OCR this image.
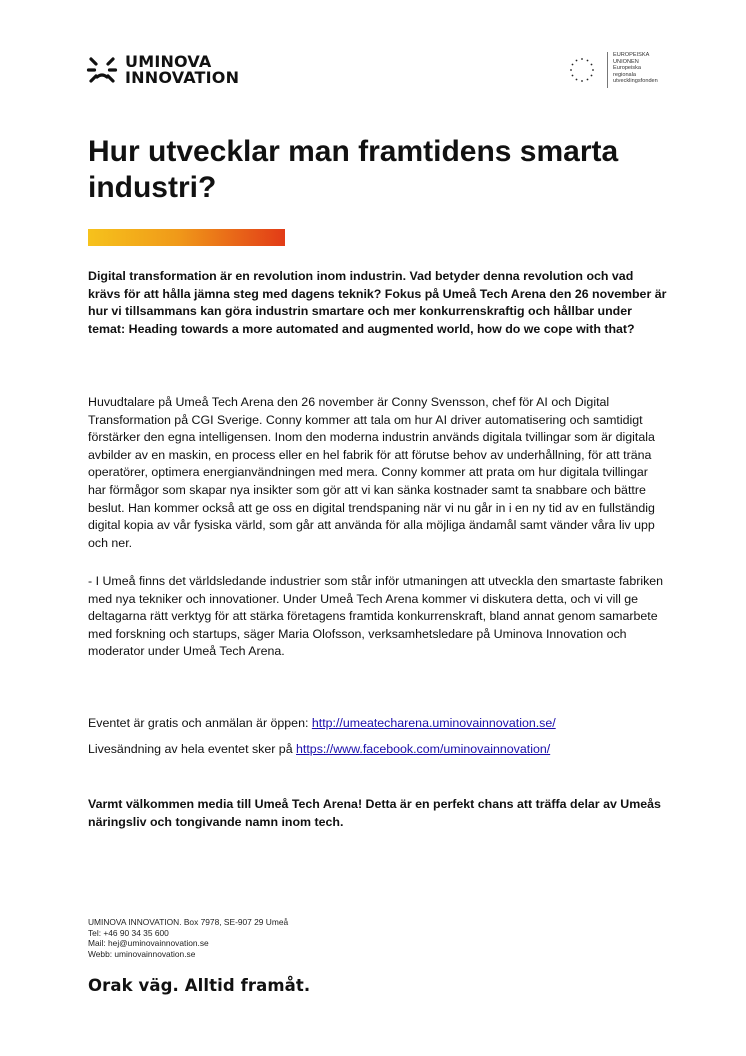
UMINOVA
INNOVATION
EUROPEISKA
UNIONEN
Europeiska
regionala
utvecklingsfonden
Hur utvecklar man framtidens smarta industri?

Digital transformation är en revolution inom industrin. Vad betyder denna revolution och vad krävs för att hålla jämna steg med dagens teknik? Fokus på Umeå Tech Arena den 26 november är hur vi tillsammans kan göra industrin smartare och mer konkurrenskraftig och hållbar under temat: Heading towards a more automated and augmented world, how do we cope with that?

Huvudtalare på Umeå Tech Arena den 26 november är Conny Svensson, chef för AI och Digital Transformation på CGI Sverige. Conny kommer att tala om hur AI driver automatisering och samtidigt förstärker den egna intelligensen. Inom den moderna industrin används digitala tvillingar som är digitala avbilder av en maskin, en process eller en hel fabrik för att förutse behov av underhållning, för att träna operatörer, optimera energianvändningen med mera. Conny kommer att prata om hur digitala tvillingar har förmågor som skapar nya insikter som gör att vi kan sänka kostnader samt ta snabbare och bättre beslut. Han kommer också att ge oss en digital trendspaning när vi nu går in i en ny tid av en fullständig digital kopia av vår fysiska värld, som går att använda för alla möjliga ändamål samt vänder våra liv upp och ner.

- I Umeå finns det världsledande industrier som står inför utmaningen att utveckla den smartaste fabriken med nya tekniker och innovationer. Under Umeå Tech Arena kommer vi diskutera detta, och vi vill ge deltagarna rätt verktyg för att stärka företagens framtida konkurrenskraft, bland annat genom samarbete med forskning och startups, säger Maria Olofsson, verksamhetsledare på Uminova Innovation och moderator under Umeå Tech Arena.

Eventet är gratis och anmälan är öppen: http://umeatecharena.uminovainnovation.se/

Livesändning av hela eventet sker på https://www.facebook.com/uminovainnovation/

Varmt välkommen media till Umeå Tech Arena! Detta är en perfekt chans att träffa delar av Umeås näringsliv och tongivande namn inom tech.

UMINOVA INNOVATION. Box 7978, SE-907 29 Umeå
Tel: +46 90 34 35 600
Mail: hej@uminovainnovation.se
Webb: uminovainnovation.se
Orak väg. Alltid framåt.
